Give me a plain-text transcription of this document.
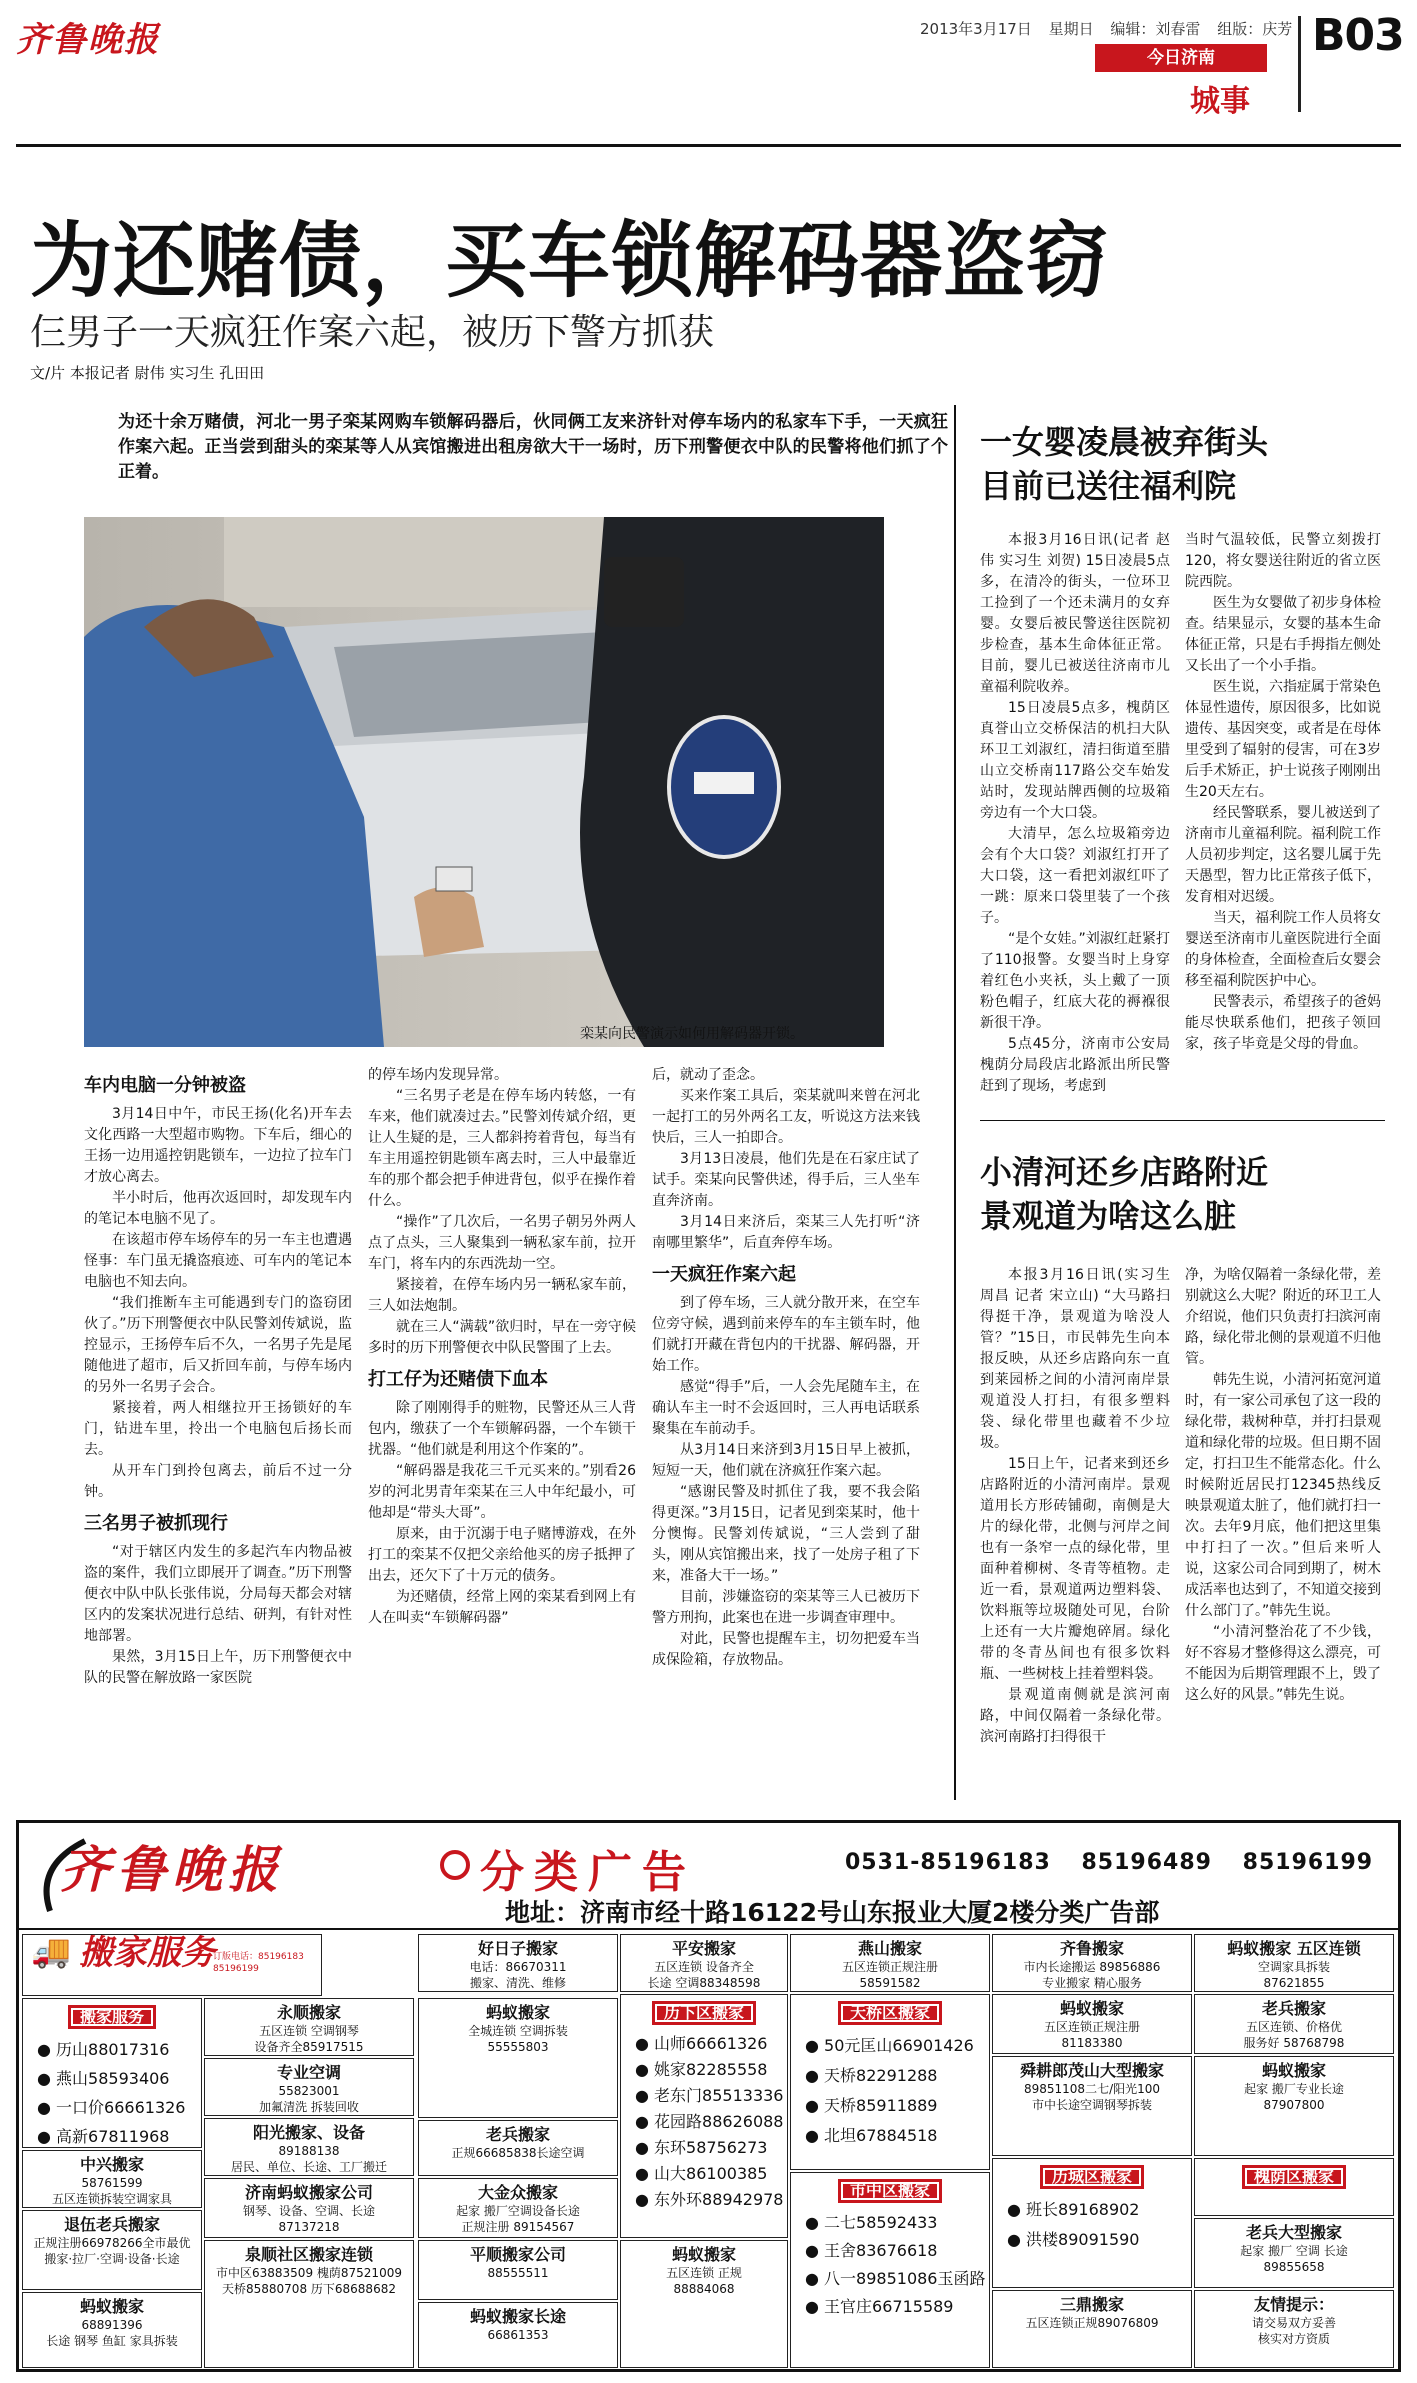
齐鲁晚报	2013年3月17日 星期日 编辑：刘春雷 组版：庆芳
今日济南
城事
B03
为还赌债，买车锁解码器盗窃
仨男子一天疯狂作案六起，被历下警方抓获
文/片 本报记者 尉伟 实习生 孔田田
为还十余万赌债，河北一男子栾某网购车锁解码器后，伙同俩工友来济针对停车场内的私家车下手，一天疯狂作案六起。正当尝到甜头的栾某等人从宾馆搬进出租房欲大干一场时，历下刑警便衣中队的民警将他们抓了个正着。
栾某向民警演示如何用解码器开锁。
车内电脑一分钟被盗

3月14日中午，市民王扬(化名)开车去文化西路一大型超市购物。下车后，细心的王扬一边用遥控钥匙锁车，一边拉了拉车门才放心离去。

半小时后，他再次返回时，却发现车内的笔记本电脑不见了。

在该超市停车场停车的另一车主也遭遇怪事：车门虽无撬盗痕迹、可车内的笔记本电脑也不知去向。

“我们推断车主可能遇到专门的盗窃团伙了。”历下刑警便衣中队民警刘传斌说，监控显示，王扬停车后不久，一名男子先是尾随他进了超市，后又折回车前，与停车场内的另外一名男子会合。

紧接着，两人相继拉开王扬锁好的车门，钻进车里，拎出一个电脑包后扬长而去。

从开车门到拎包离去，前后不过一分钟。

三名男子被抓现行

“对于辖区内发生的多起汽车内物品被盗的案件，我们立即展开了调查。”历下刑警便衣中队中队长张伟说，分局每天都会对辖区内的发案状况进行总结、研判，有针对性地部署。

果然，3月15日上午，历下刑警便衣中队的民警在解放路一家医院

的停车场内发现异常。

“三名男子老是在停车场内转悠，一有车来，他们就凑过去。”民警刘传斌介绍，更让人生疑的是，三人都斜挎着背包，每当有车主用遥控钥匙锁车离去时，三人中最靠近车的那个都会把手伸进背包，似乎在操作着什么。

“操作”了几次后，一名男子朝另外两人点了点头，三人聚集到一辆私家车前，拉开车门，将车内的东西洗劫一空。

紧接着，在停车场内另一辆私家车前，三人如法炮制。

就在三人“满载”欲归时，早在一旁守候多时的历下刑警便衣中队民警围了上去。

打工仔为还赌债下血本

除了刚刚得手的赃物，民警还从三人背包内，缴获了一个车锁解码器，一个车锁干扰器。“他们就是利用这个作案的”。

“解码器是我花三千元买来的。”别看26岁的河北男青年栾某在三人中年纪最小，可他却是“带头大哥”。

原来，由于沉溺于电子赌博游戏，在外打工的栾某不仅把父亲给他买的房子抵押了出去，还欠下了十万元的债务。

为还赌债，经常上网的栾某看到网上有人在叫卖“车锁解码器”

后，就动了歪念。

买来作案工具后，栾某就叫来曾在河北一起打工的另外两名工友，听说这方法来钱快后，三人一拍即合。

3月13日凌晨，他们先是在石家庄试了试手。栾某向民警供述，得手后，三人坐车直奔济南。

3月14日来济后，栾某三人先打听“济南哪里繁华”，后直奔停车场。

一天疯狂作案六起

到了停车场，三人就分散开来，在空车位旁守候，遇到前来停车的车主锁车时，他们就打开藏在背包内的干扰器、解码器，开始工作。

感觉“得手”后，一人会先尾随车主，在确认车主一时不会返回时，三人再电话联系聚集在车前动手。

从3月14日来济到3月15日早上被抓，短短一天，他们就在济疯狂作案六起。

“感谢民警及时抓住了我，要不我会陷得更深。”3月15日，记者见到栾某时，他十分懊悔。民警刘传斌说，“三人尝到了甜头，刚从宾馆搬出来，找了一处房子租了下来，准备大干一场。”

目前，涉嫌盗窃的栾某等三人已被历下警方刑拘，此案也在进一步调查审理中。

对此，民警也提醒车主，切勿把爱车当成保险箱，存放物品。

一女婴凌晨被弃街头
目前已送往福利院

本报3月16日讯(记者 赵伟 实习生 刘贺) 15日凌晨5点多，在清冷的街头，一位环卫工捡到了一个还未满月的女弃婴。女婴后被民警送往医院初步检查，基本生命体征正常。目前，婴儿已被送往济南市儿童福利院收养。

15日凌晨5点多，槐荫区真誉山立交桥保洁的机扫大队环卫工刘淑红，清扫街道至腊山立交桥南117路公交车始发站时，发现站牌西侧的垃圾箱旁边有一个大口袋。

大清早，怎么垃圾箱旁边会有个大口袋？刘淑红打开了大口袋，这一看把刘淑红吓了一跳：原来口袋里装了一个孩子。

“是个女娃。”刘淑红赶紧打了110报警。女婴当时上身穿着红色小夹袄，头上戴了一顶粉色帽子，红底大花的褥褓很新很干净。

5点45分，济南市公安局槐荫分局段店北路派出所民警赶到了现场，考虑到

当时气温较低，民警立刻拨打120，将女婴送往附近的省立医院西院。

医生为女婴做了初步身体检查。结果显示，女婴的基本生命体征正常，只是右手拇指左侧处又长出了一个小手指。

医生说，六指症属于常染色体显性遗传，原因很多，比如说遗传、基因突变，或者是在母体里受到了辐射的侵害，可在3岁后手术矫正，护士说孩子刚刚出生20天左右。

经民警联系，婴儿被送到了济南市儿童福利院。福利院工作人员初步判定，这名婴儿属于先天愚型，智力比正常孩子低下，发育相对迟缓。

当天，福利院工作人员将女婴送至济南市儿童医院进行全面的身体检查，全面检查后女婴会移至福利院医护中心。

民警表示，希望孩子的爸妈能尽快联系他们，把孩子领回家，孩子毕竟是父母的骨血。

小清河还乡店路附近
景观道为啥这么脏

本报3月16日讯(实习生 周昌 记者 宋立山) “大马路扫得挺干净，景观道为啥没人管？”15日，市民韩先生向本报反映，从还乡店路向东一直到莱园桥之间的小清河南岸景观道没人打扫，有很多塑料袋、绿化带里也藏着不少垃圾。

15日上午，记者来到还乡店路附近的小清河南岸。景观道用长方形砖铺砌，南侧是大片的绿化带，北侧与河岸之间也有一条窄一点的绿化带，里面种着柳树、冬青等植物。走近一看，景观道两边塑料袋、饮料瓶等垃圾随处可见，台阶上还有一大片瓣炮碎屑。绿化带的冬青丛间也有很多饮料瓶、一些树枝上挂着塑料袋。

景观道南侧就是滨河南路，中间仅隔着一条绿化带。滨河南路打扫得很干

净，为啥仅隔着一条绿化带，差别就这么大呢？附近的环卫工人介绍说，他们只负责打扫滨河南路，绿化带北侧的景观道不归他管。

韩先生说，小清河拓宽河道时，有一家公司承包了这一段的绿化带，栽树种草，并打扫景观道和绿化带的垃圾。但日期不固定，打扫卫生不能常态化。什么时候附近居民打12345热线反映景观道太脏了，他们就打扫一次。去年9月底，他们把这里集中打扫了一次。”但后来听人说，这家公司合同到期了，树木成活率也达到了，不知道交接到什么部门了。”韩先生说。

“小清河整治花了不少钱，好不容易才整修得这么漂亮，可不能因为后期管理跟不上，毁了这么好的风景。”韩先生说。

齐鲁晚报	分类广告	0531-85196183 85196489 85196199
地址：济南市经十路16122号山东报业大厦2楼分类广告部
🚚 搬家服务
订版电话：85196183 85196199
搬家服务
● 历山88017316
● 燕山58593406
● 一口价66661326
● 高新67811968
好日子搬家
电话：86670311
搬家、清洗、维修
平安搬家
五区连锁 设备齐全
长途 空调88348598
燕山搬家
五区连锁正规注册
58591582
齐鲁搬家
市内长途搬运 89856886
专业搬家 精心服务
蚂蚁搬家 五区连锁
空调家具拆装
87621855
永顺搬家
五区连锁 空调钢琴
设备齐全85917515
蚂蚁搬家
全城连锁 空调拆装
55555803
蚂蚁搬家
五区连锁正规注册
81183380
老兵搬家
五区连锁、价格优
服务好 58768798
专业空调
55823001
加氟清洗 拆装回收
老兵搬家
正规66685838长途空调
舜耕郎茂山大型搬家
89851108二七/阳光100
市中长途空调钢琴拆装
蚂蚁搬家
起家 搬厂专业长途
87907800
中兴搬家
58761599
五区连锁拆装空调家具
阳光搬家、设备
89188138
居民、单位、长途、工厂搬迁
大金众搬家
起家 搬厂空调设备长途
正规注册 89154567
退伍老兵搬家
正规注册66978266全市最优
搬家·拉厂·空调·设备·长途
济南蚂蚁搬家公司
钢琴、设备、空调、长途
87137218
平顺搬家公司
88555511
老兵大型搬家
起家 搬厂 空调 长途
89855658
蚂蚁搬家
68891396
长途 钢琴 鱼缸 家具拆装
泉顺社区搬家连锁
市中区63883509 槐荫87521009
天桥85880708 历下68688682
蚂蚁搬家长途
66861353
蚂蚁搬家
五区连锁 正规
88884068
三鼎搬家
五区连锁正规89076809
友情提示：
请交易双方妥善
核实对方资质
历下区搬家
● 山师66661326
● 姚家82285558
● 老东门85513336
● 花园路88626088
● 东环58756273
● 山大86100385
● 东外环88942978
天桥区搬家
● 50元匡山66901426
● 天桥82291288
● 天桥85911889
● 北坦67884518
市中区搬家
● 二七58592433
● 王舍83676618
● 八一89851086玉函路
● 王官庄66715589
历城区搬家
● 班长89168902
● 洪楼89091590
槐荫区搬家
